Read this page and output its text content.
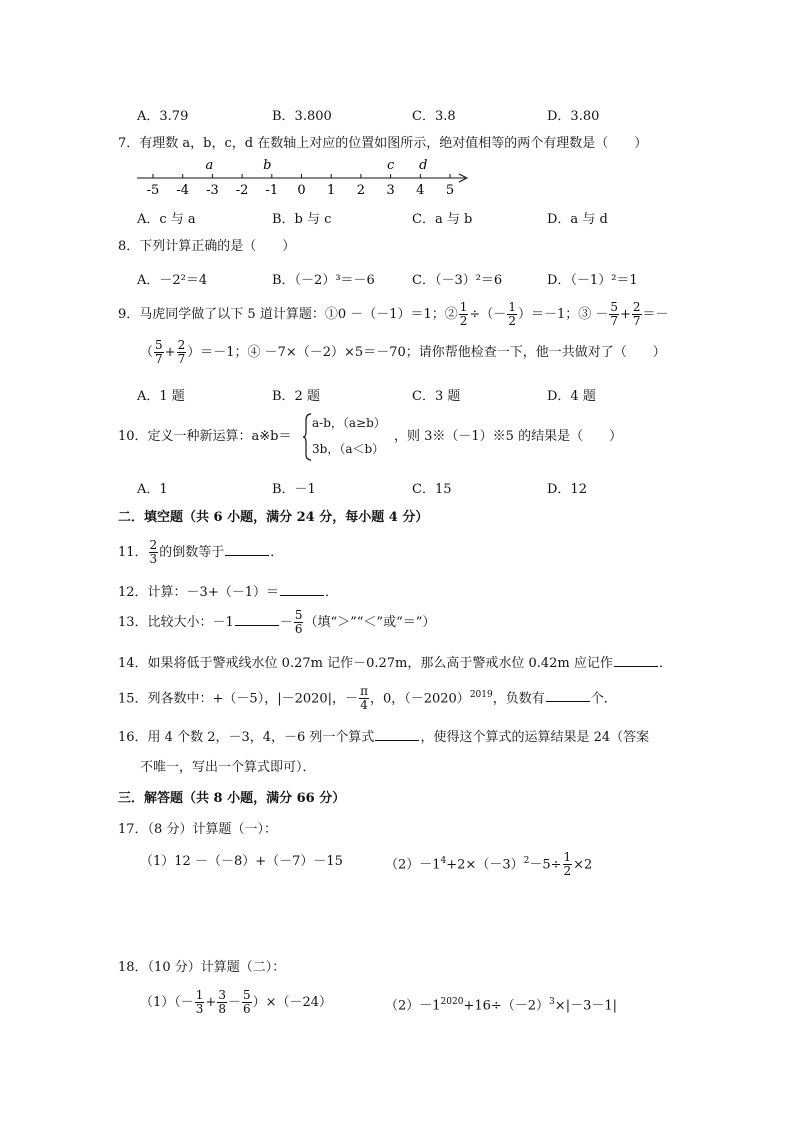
A．3.79	B．3.800	C．3.8	D．3.80
7．有理数 a，b，c，d 在数轴上对应的位置如图所示，绝对值相等的两个有理数是（　　）
-5 -4 -3 -2 -1 0 1 2 3 4 5
a	b	c d
A．c 与 a	B．b 与 c	C．a 与 b	D．a 与 d
8．下列计算正确的是（　　）
A．－2²＝4	B．（－2）³＝－6	C．（－3）²＝6	D．（－1）²＝1
9．马虎同学做了以下 5 道计算题：①0 －（－1）＝1；② $\frac{1}{2}$ ÷（－ $\frac{1}{2} )=-1$；③ － $\frac{5}{7} + \frac{2}{7}$ ＝－
（ $\frac{5}{7} + \frac{2}{7} )=-1$；④ －7×（－2）×5＝－70；请你帮他检查一下，他一共做对了（　　）
A．1 题	B．2 题	C．3 题	D．4 题
10．定义一种新运算：a※b＝
a-b，（a≥b）
3b，（a＜b）
，则 3※（－1）※5 的结果是（　　）
A．1	B．－1	C．15	D．12
二．填空题（共 6 小题，满分 24 分，每小题 4 分）
11． $\frac{2}{3}$ 的倒数等于	．
12．计算：－3+（－1）＝	．
13．比较大小：－1	－ $\frac{5}{6}$ （填“＞”“＜”或“＝”）
14．如果将低于警戒线水位 0.27m 记作－0.27m，那么高于警戒水位 0.42m 应记作	．
15．列各数中：+（－5），|－2020|，－ $\frac{\pi}{4}$ ，0，$(-2020)^{2019}$，负数有	个．
16．用 4 个数 2，－3，4，－6 列一个算式	，使得这个算式的运算结果是 24（答案
不唯一，写出一个算式即可）．
三．解答题（共 8 小题，满分 66 分）
17．（8 分）计算题（一）：
（1）12 －（－8）+（－7）－15	$(2)-1^4+2\times(-3)^2-5\div \frac{1}{2} \times 2$
18．（10 分）计算题（二）：
$(1)(- \frac{1}{3} + \frac{3}{8} - \frac{5}{6} )\times(-24)$	$(2)-1^{2020}+16\div(-2)^3\times|-3-1|$
